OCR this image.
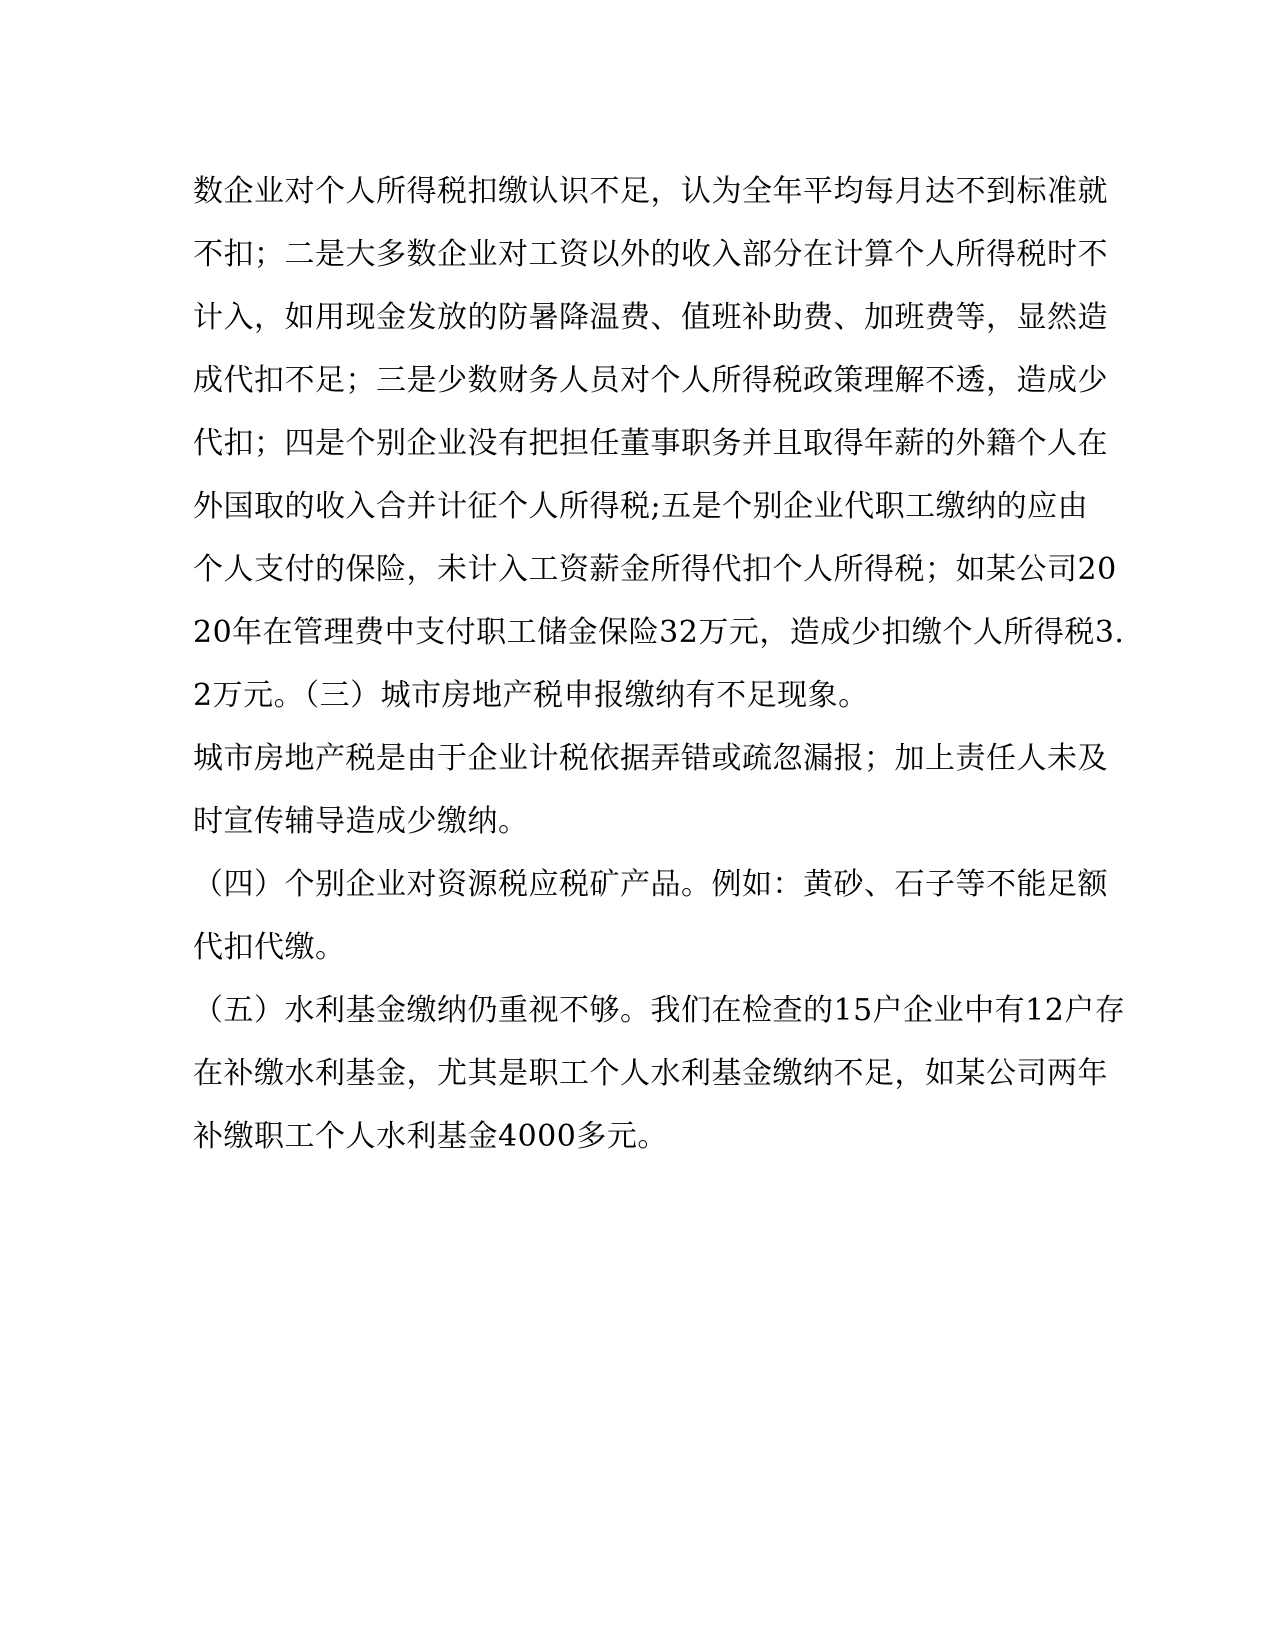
数企业对个人所得税扣缴认识不足，认为全年平均每月达不到标准就
不扣；二是大多数企业对工资以外的收入部分在计算个人所得税时不
计入，如用现金发放的防暑降温费、值班补助费、加班费等，显然造
成代扣不足；三是少数财务人员对个人所得税政策理解不透，造成少
代扣；四是个别企业没有把担任董事职务并且取得年薪的外籍个人在
外国取的收入合并计征个人所得税;五是个别企业代职工缴纳的应由
个人支付的保险，未计入工资薪金所得代扣个人所得税；如某公司20
20年在管理费中支付职工储金保险32万元，造成少扣缴个人所得税3.
2万元。（三）城市房地产税申报缴纳有不足现象。
城市房地产税是由于企业计税依据弄错或疏忽漏报；加上责任人未及
时宣传辅导造成少缴纳。
（四）个别企业对资源税应税矿产品。例如：黄砂、石子等不能足额
代扣代缴。
（五）水利基金缴纳仍重视不够。我们在检查的15户企业中有12户存
在补缴水利基金，尤其是职工个人水利基金缴纳不足，如某公司两年
补缴职工个人水利基金4000多元。
